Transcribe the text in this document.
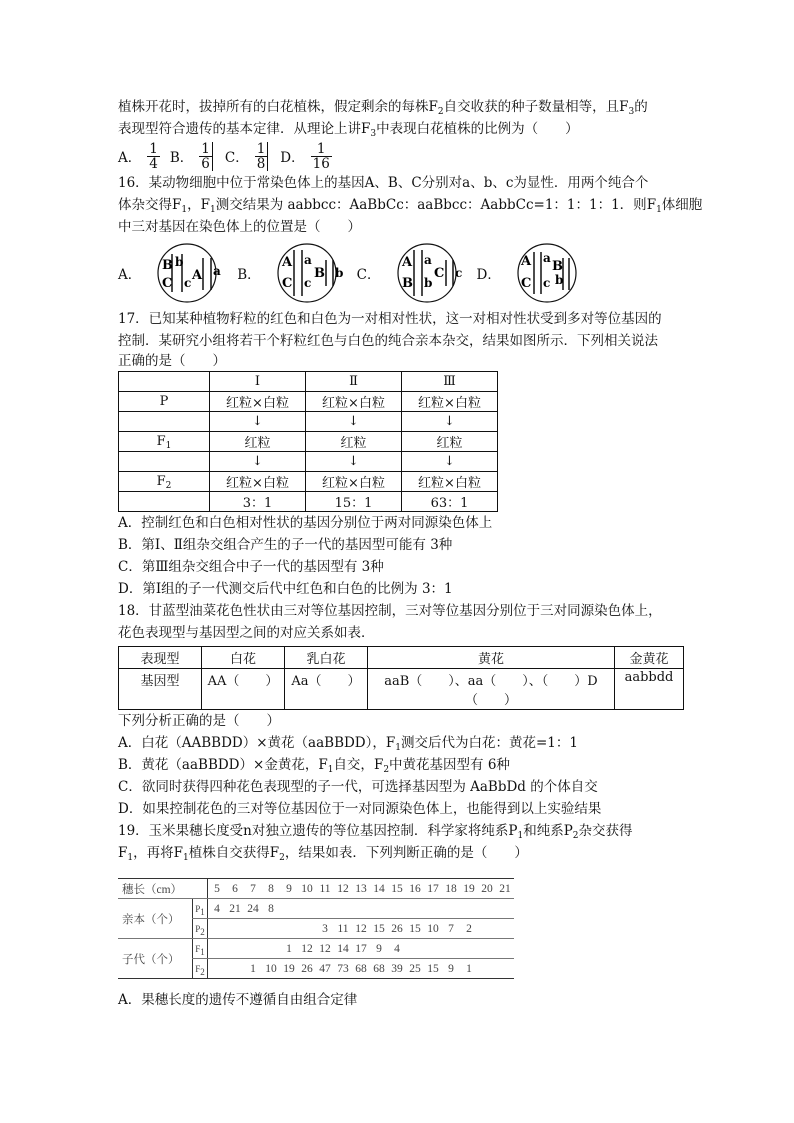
植株开花时，拔掉所有的白花植株，假定剩余的每株$F_2$自交收获的种子数量相等，且$F_3$的

表现型符合遗传的基本定律．从理论上讲$F_3$中表现白花植株的比例为（　　）

A． $\frac{1}{4}$ B． $\frac{1}{6}$ C． $\frac{1}{8}$ D． $\frac{1}{16}$

16．某动物细胞中位于常染色体上的基因A、B、C分别对a、b、c为显性．用两个纯合个

体杂交得$F_1$，$F_1$测交结果为 aabbcc：AaBbCc：aaBbcc：AabbCc=1：1：1：1．则$F_1$体细胞

中三对基因在染色体上的位置是（　　）

A．
B b
C c A a B．
A a
C c
B b C．
A a
B b
C c D．
A a
C c
B
b

17．已知某种植物籽粒的红色和白色为一对相对性状，这一对相对性状受到多对等位基因的

控制．某研究小组将若干个籽粒红色与白色的纯合亲本杂交，结果如图所示．下列相关说法

正确的是（　　）

	Ⅰ	Ⅱ	Ⅲ
P	红粒×白粒	红粒×白粒	红粒×白粒
	↓	↓	↓
$F_1$	红粒	红粒	红粒
	↓	↓	↓
$F_2$	红粒×白粒	红粒×白粒	红粒×白粒
	3：1	15：1	63：1

A．控制红色和白色相对性状的基因分别位于两对同源染色体上

B．第Ⅰ、Ⅱ组杂交组合产生的子一代的基因型可能有 3种

C．第Ⅲ组杂交组合中子一代的基因型有 3种

D．第Ⅰ组的子一代测交后代中红色和白色的比例为 3：1

18．甘蓝型油菜花色性状由三对等位基因控制，三对等位基因分别位于三对同源染色体上，

花色表现型与基因型之间的对应关系如表．

表现型	白花	乳白花	黄花	金黄花
基因型	AA（　　）	Aa（　　）	aaB（　　）、aa（　　）、（　　）D
（　　）	aabbdd

下列分析正确的是（　　）

A．白花（AABBDD）×黄花（aaBBDD），$F_1$测交后代为白花：黄花=1：1

B．黄花（aaBBDD）×金黄花，$F_1$自交，$F_2$中黄花基因型有 6种

C．欲同时获得四种花色表现型的子一代，可选择基因型为 AaBbDd 的个体自交

D．如果控制花色的三对等位基因位于一对同源染色体上，也能得到以上实验结果

19．玉米果穗长度受n对独立遗传的等位基因控制．科学家将纯系$P_1$和纯系$P_2$杂交获得

$F_1$，再将$F_1$植株自交获得$F_2$，结果如表．下列判断正确的是（　　）

穗长（cm）		5	6	7	8	9	10	11	12	13	14	15	16	17	18	19	20	21
亲本（个）	$P_1$	4	21	24	8													
	$P_2$							3	11	12	15	26	15	10	7	2		
子代（个）	$F_1$					1	12	12	14	17	9	4						
	$F_2$			1	10	19	26	47	73	68	68	39	25	15	9	1		

A．果穗长度的遗传不遵循自由组合定律
